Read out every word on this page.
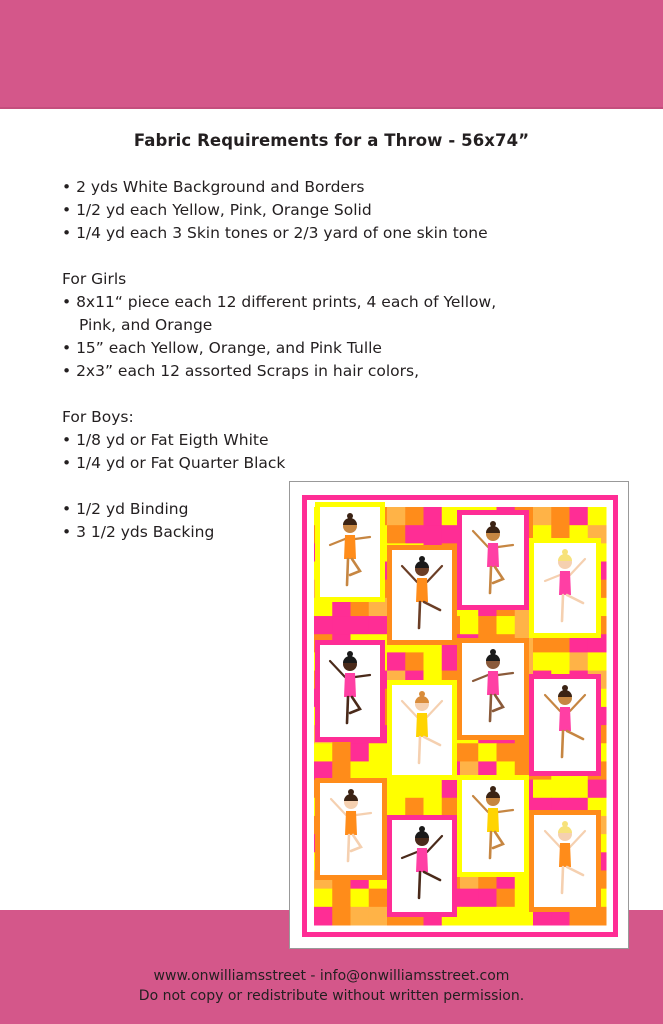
Fabric Requirements for a Throw - 56x74”
• 2 yds White Background and Borders
• 1/2 yd each Yellow, Pink, Orange Solid
• 1/4 yd each 3 Skin tones or 2/3 yard of one skin tone
For Girls
• 8x11“ piece each 12 different prints, 4 each of Yellow,
Pink, and Orange
• 15” each Yellow, Orange, and Pink Tulle
• 2x3” each 12 assorted Scraps in hair colors,
For Boys:
• 1/8 yd or Fat Eigth White
• 1/4 yd or Fat Quarter Black
• 1/2 yd Binding
• 3 1/2 yds Backing
www.onwilliamsstreet - info@onwilliamsstreet.com
Do not copy or redistribute without written permission.
